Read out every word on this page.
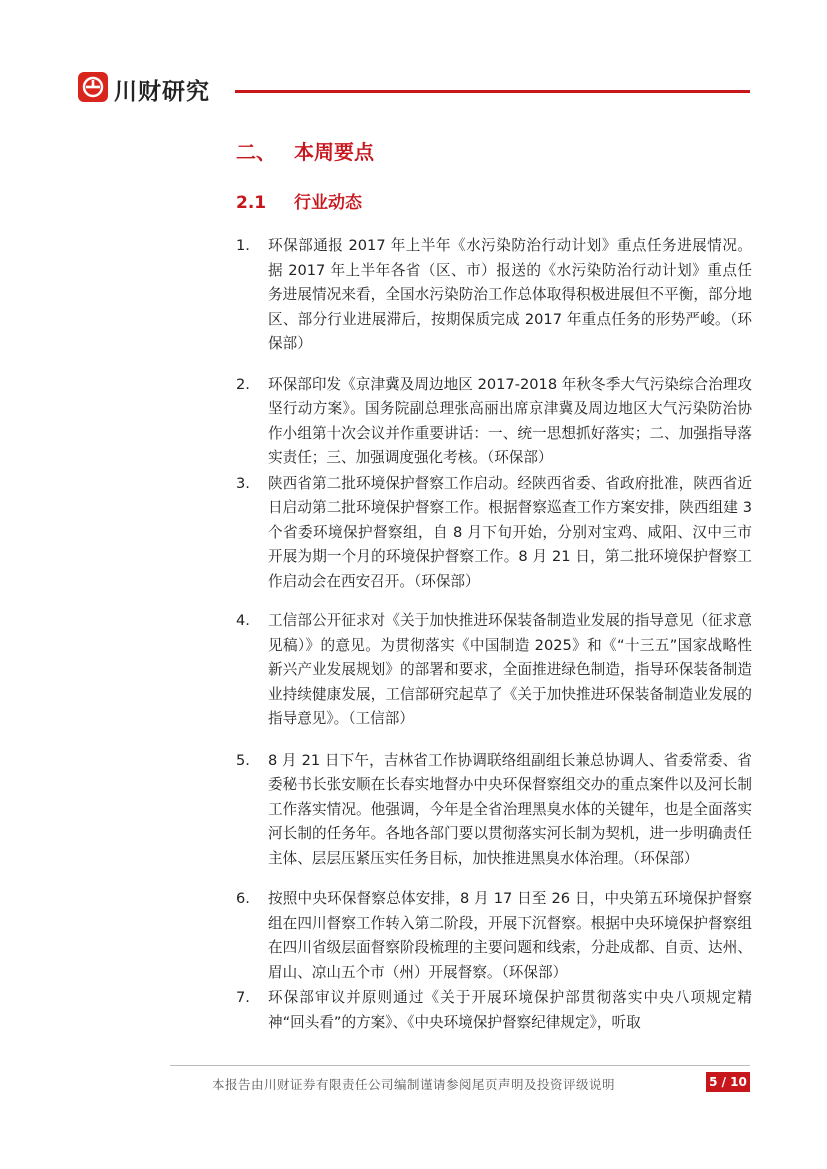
川财研究
二、 本周要点
2.1 行业动态
1. 环保部通报 2017 年上半年《水污染防治行动计划》重点任务进展情况。据 2017 年上半年各省（区、市）报送的《水污染防治行动计划》重点任务进展情况来看，全国水污染防治工作总体取得积极进展但不平衡，部分地区、部分行业进展滞后，按期保质完成 2017 年重点任务的形势严峻。（环保部）
2. 环保部印发《京津冀及周边地区 2017-2018 年秋冬季大气污染综合治理攻坚行动方案》。国务院副总理张高丽出席京津冀及周边地区大气污染防治协作小组第十次会议并作重要讲话：一、统一思想抓好落实；二、加强指导落实责任；三、加强调度强化考核。（环保部）
3. 陕西省第二批环境保护督察工作启动。经陕西省委、省政府批准，陕西省近日启动第二批环境保护督察工作。根据督察巡查工作方案安排，陕西组建 3 个省委环境保护督察组，自 8 月下旬开始，分别对宝鸡、咸阳、汉中三市开展为期一个月的环境保护督察工作。8 月 21 日，第二批环境保护督察工作启动会在西安召开。（环保部）
4. 工信部公开征求对《关于加快推进环保装备制造业发展的指导意见（征求意见稿）》的意见。为贯彻落实《中国制造 2025》和《“十三五”国家战略性新兴产业发展规划》的部署和要求，全面推进绿色制造，指导环保装备制造业持续健康发展，工信部研究起草了《关于加快推进环保装备制造业发展的指导意见》。（工信部）
5. 8 月 21 日下午，吉林省工作协调联络组副组长兼总协调人、省委常委、省委秘书长张安顺在长春实地督办中央环保督察组交办的重点案件以及河长制工作落实情况。他强调，今年是全省治理黑臭水体的关键年，也是全面落实河长制的任务年。各地各部门要以贯彻落实河长制为契机，进一步明确责任主体、层层压紧压实任务目标，加快推进黑臭水体治理。（环保部）
6. 按照中央环保督察总体安排，8 月 17 日至 26 日，中央第五环境保护督察组在四川督察工作转入第二阶段，开展下沉督察。根据中央环境保护督察组在四川省级层面督察阶段梳理的主要问题和线索，分赴成都、自贡、达州、眉山、凉山五个市（州）开展督察。（环保部）
7. 环保部审议并原则通过《关于开展环境保护部贯彻落实中央八项规定精神“回头看”的方案》、《中央环境保护督察纪律规定》，听取
本报告由川财证券有限责任公司编制谨请参阅尾页声明及投资评级说明	5 / 10
